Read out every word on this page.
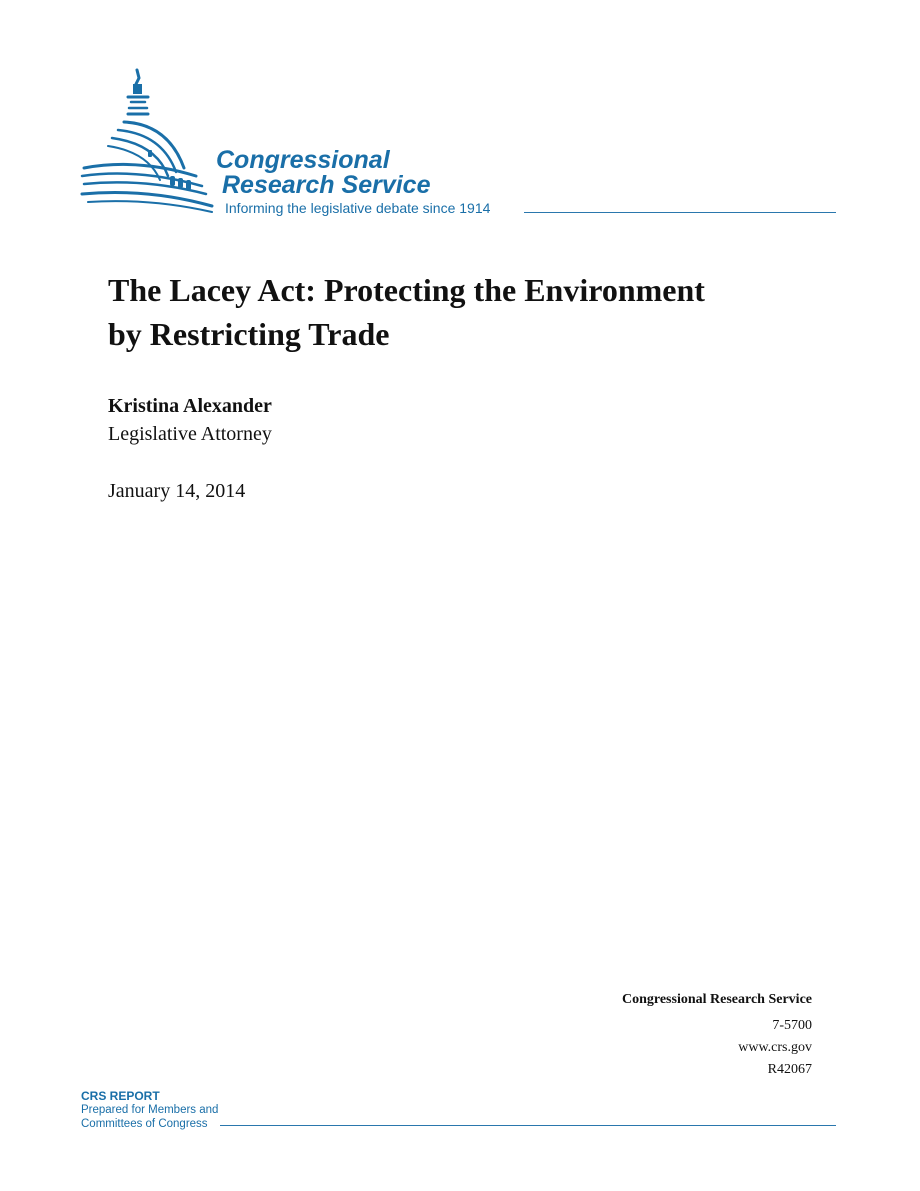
Congressional
Research Service
Informing the legislative debate since 1914
The Lacey Act: Protecting the Environment
by Restricting Trade
Kristina Alexander
Legislative Attorney
January 14, 2014
Congressional Research Service
7-5700
www.crs.gov
R42067
CRS REPORT
Prepared for Members and
Committees of Congress
